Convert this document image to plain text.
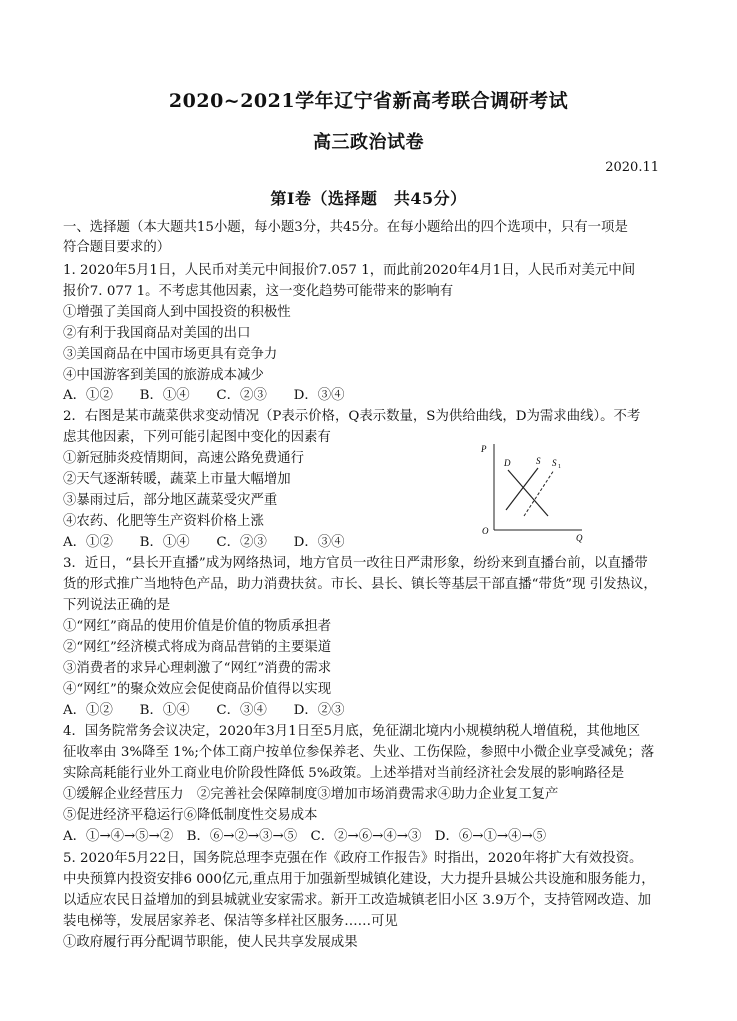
2020~2021学年辽宁省新高考联合调研考试
高三政治试卷
2020.11
第Ⅰ卷（选择题　共45分）
一、选择题（本大题共15小题，每小题3分，共45分。在每小题给出的四个选项中，只有一项是
符合题目要求的）
1. 2020年5月1日，人民币对美元中间报价7.057 1，而此前2020年4月1日，人民币对美元中间
报价7. 077 1。不考虑其他因素，这一变化趋势可能带来的影响有
①增强了美国商人到中国投资的积极性
②有利于我国商品对美国的出口
③美国商品在中国市场更具有竞争力
④中国游客到美国的旅游成本减少
A．①②　　B．①④　　C．②③　　D．③④
2．右图是某市蔬菜供求变动情况（P表示价格，Q表示数量，S为供给曲线，D为需求曲线）。不考
虑其他因素，下列可能引起图中变化的因素有
①新冠肺炎疫情期间，高速公路免费通行
②天气逐渐转暖，蔬菜上市量大幅增加
③暴雨过后，部分地区蔬菜受灾严重
④农药、化肥等生产资料价格上涨
A．①②　　B．①④　　C．②③　　D．③④
P
Q
O
D	S S 1
3．近日，“县长开直播”成为网络热词，地方官员一改往日严肃形象，纷纷来到直播台前，以直播带
货的形式推广当地特色产品，助力消费扶贫。市长、县长、镇长等基层干部直播“带货”现 引发热议，
下列说法正确的是
①“网红”商品的使用价值是价值的物质承担者
②“网红”经济模式将成为商品营销的主要渠道
③消费者的求异心理刺激了“网红”消费的需求
④“网红”的聚众效应会促使商品价值得以实现
A．①②　　B．①④　　C．③④　　D．②③
4．国务院常务会议决定，2020年3月1日至5月底，免征湖北境内小规模纳税人增值税，其他地区
征收率由 3%降至 1%;个体工商户按单位参保养老、失业、工伤保险，参照中小微企业享受减免；落
实除高耗能行业外工商业电价阶段性降低 5%政策。上述举措对当前经济社会发展的影响路径是
①缓解企业经营压力　②完善社会保障制度③增加市场消费需求④助力企业复工复产
⑤促进经济平稳运行⑥降低制度性交易成本
A．①→④→⑤→②　B．⑥→②→③→⑤　C．②→⑥→④→③　D．⑥→①→④→⑤
5. 2020年5月22日，国务院总理李克强在作《政府工作报告》时指出，2020年将扩大有效投资。
中央预算内投资安排6 000亿元,重点用于加强新型城镇化建设，大力提升县城公共设施和服务能力，
以适应农民日益增加的到县城就业安家需求。新开工改造城镇老旧小区 3.9万个，支持管网改造、加
装电梯等，发展居家养老、保洁等多样社区服务……可见
①政府履行再分配调节职能，使人民共享发展成果
